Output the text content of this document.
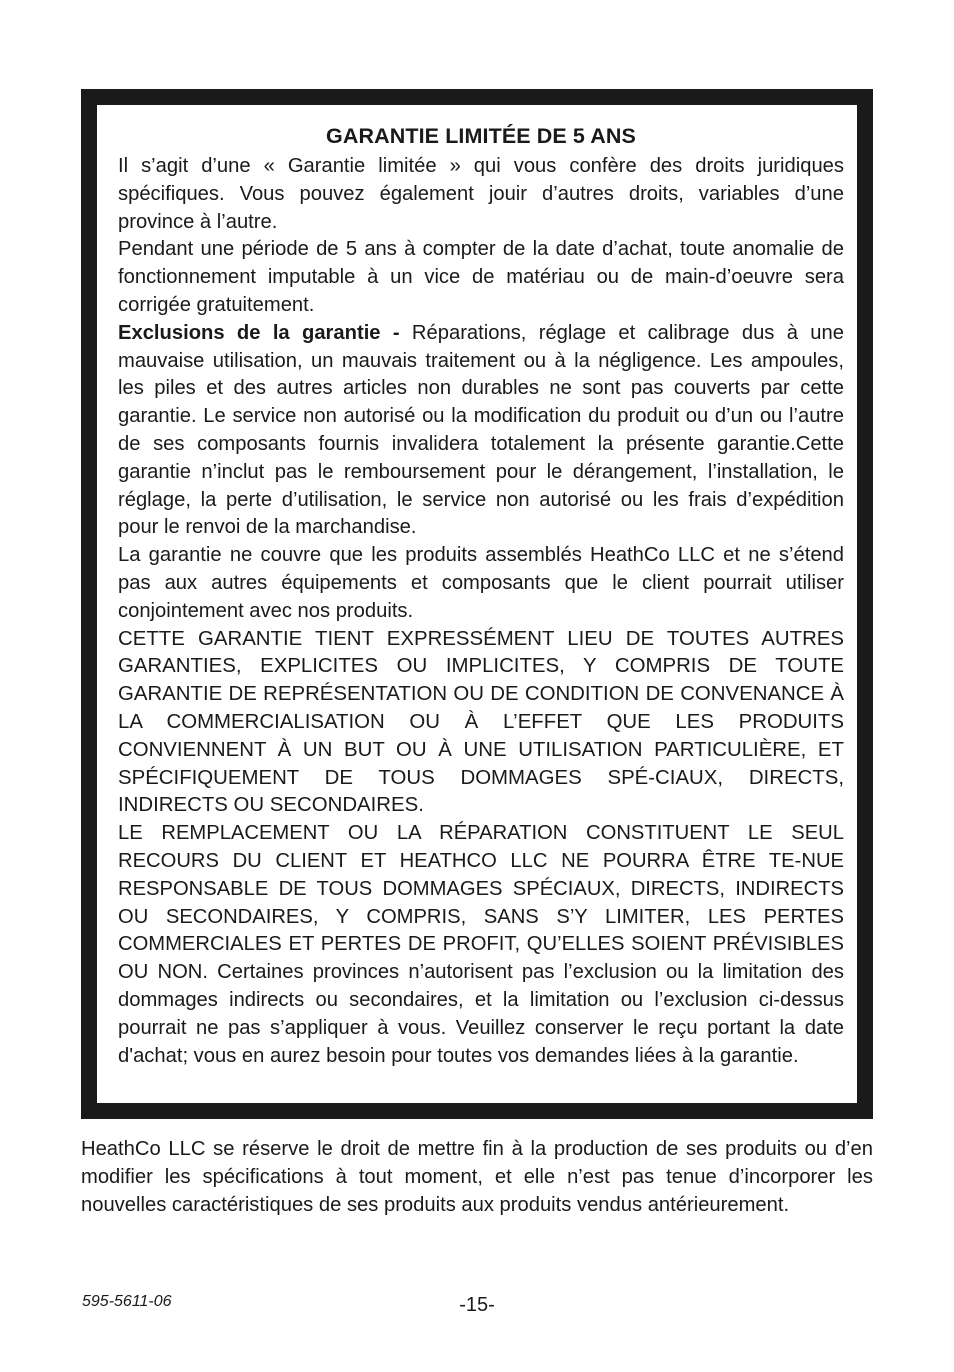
GARANTIE LIMITÉE DE 5 ANS

Il s’agit d’une « Garantie limitée » qui vous confère des droits juridiques spécifiques. Vous pouvez également jouir d’autres droits, variables d’une province à l’autre.

Pendant une période de 5 ans à compter de la date d’achat, toute anomalie de fonctionnement imputable à un vice de matériau ou de main-d’oeuvre sera corrigée gratuitement.

Exclusions de la garantie - Réparations, réglage et calibrage dus à une mauvaise utilisation, un mauvais traitement ou à la négligence. Les ampoules, les piles et des autres articles non durables ne sont pas couverts par cette garantie. Le service non autorisé ou la modification du produit ou d’un ou l’autre de ses composants fournis invalidera totalement la présente garantie.Cette garantie n’inclut pas le remboursement pour le dérangement, l’installation, le réglage, la perte d’utilisation, le service non autorisé ou les frais d’expédition pour le renvoi de la marchandise.

La garantie ne couvre que les produits assemblés HeathCo LLC et ne s’étend pas aux autres équipements et composants que le client pourrait utiliser conjointement avec nos produits.

CETTE GARANTIE TIENT EXPRESSÉMENT LIEU DE TOUTES AUTRES GARANTIES, EXPLICITES OU IMPLICITES, Y COMPRIS DE TOUTE GARANTIE DE REPRÉSENTATION OU DE CONDITION DE CONVENANCE À LA COMMERCIALISATION OU À L’EFFET QUE LES PRODUITS CONVIENNENT À UN BUT OU À UNE UTILISATION PARTICULIÈRE, ET SPÉCIFIQUEMENT DE TOUS DOMMAGES SPÉ-CIAUX, DIRECTS, INDIRECTS OU SECONDAIRES.

LE REMPLACEMENT OU LA RÉPARATION CONSTITUENT LE SEUL RECOURS DU CLIENT ET HEATHCO LLC NE POURRA ÊTRE TE-NUE RESPONSABLE DE TOUS DOMMAGES SPÉCIAUX, DIRECTS, INDIRECTS OU SECONDAIRES, Y COMPRIS, SANS S’Y LIMITER, LES PERTES COMMERCIALES ET PERTES DE PROFIT, QU’ELLES SOIENT PRÉVISIBLES OU NON. Certaines provinces n’autorisent pas l’exclusion ou la limitation des dommages indirects ou secondaires, et la limitation ou l’exclusion ci-dessus pourrait ne pas s’appliquer à vous. Veuillez conserver le reçu portant la date d'achat; vous en aurez besoin pour toutes vos demandes liées à la garantie.

HeathCo LLC se réserve le droit de mettre fin à la production de ses produits ou d’en modifier les spécifications à tout moment, et elle n’est pas tenue d’incorporer les nouvelles caractéristiques de ses produits aux produits vendus antérieurement.

595-5611-06	-15-
